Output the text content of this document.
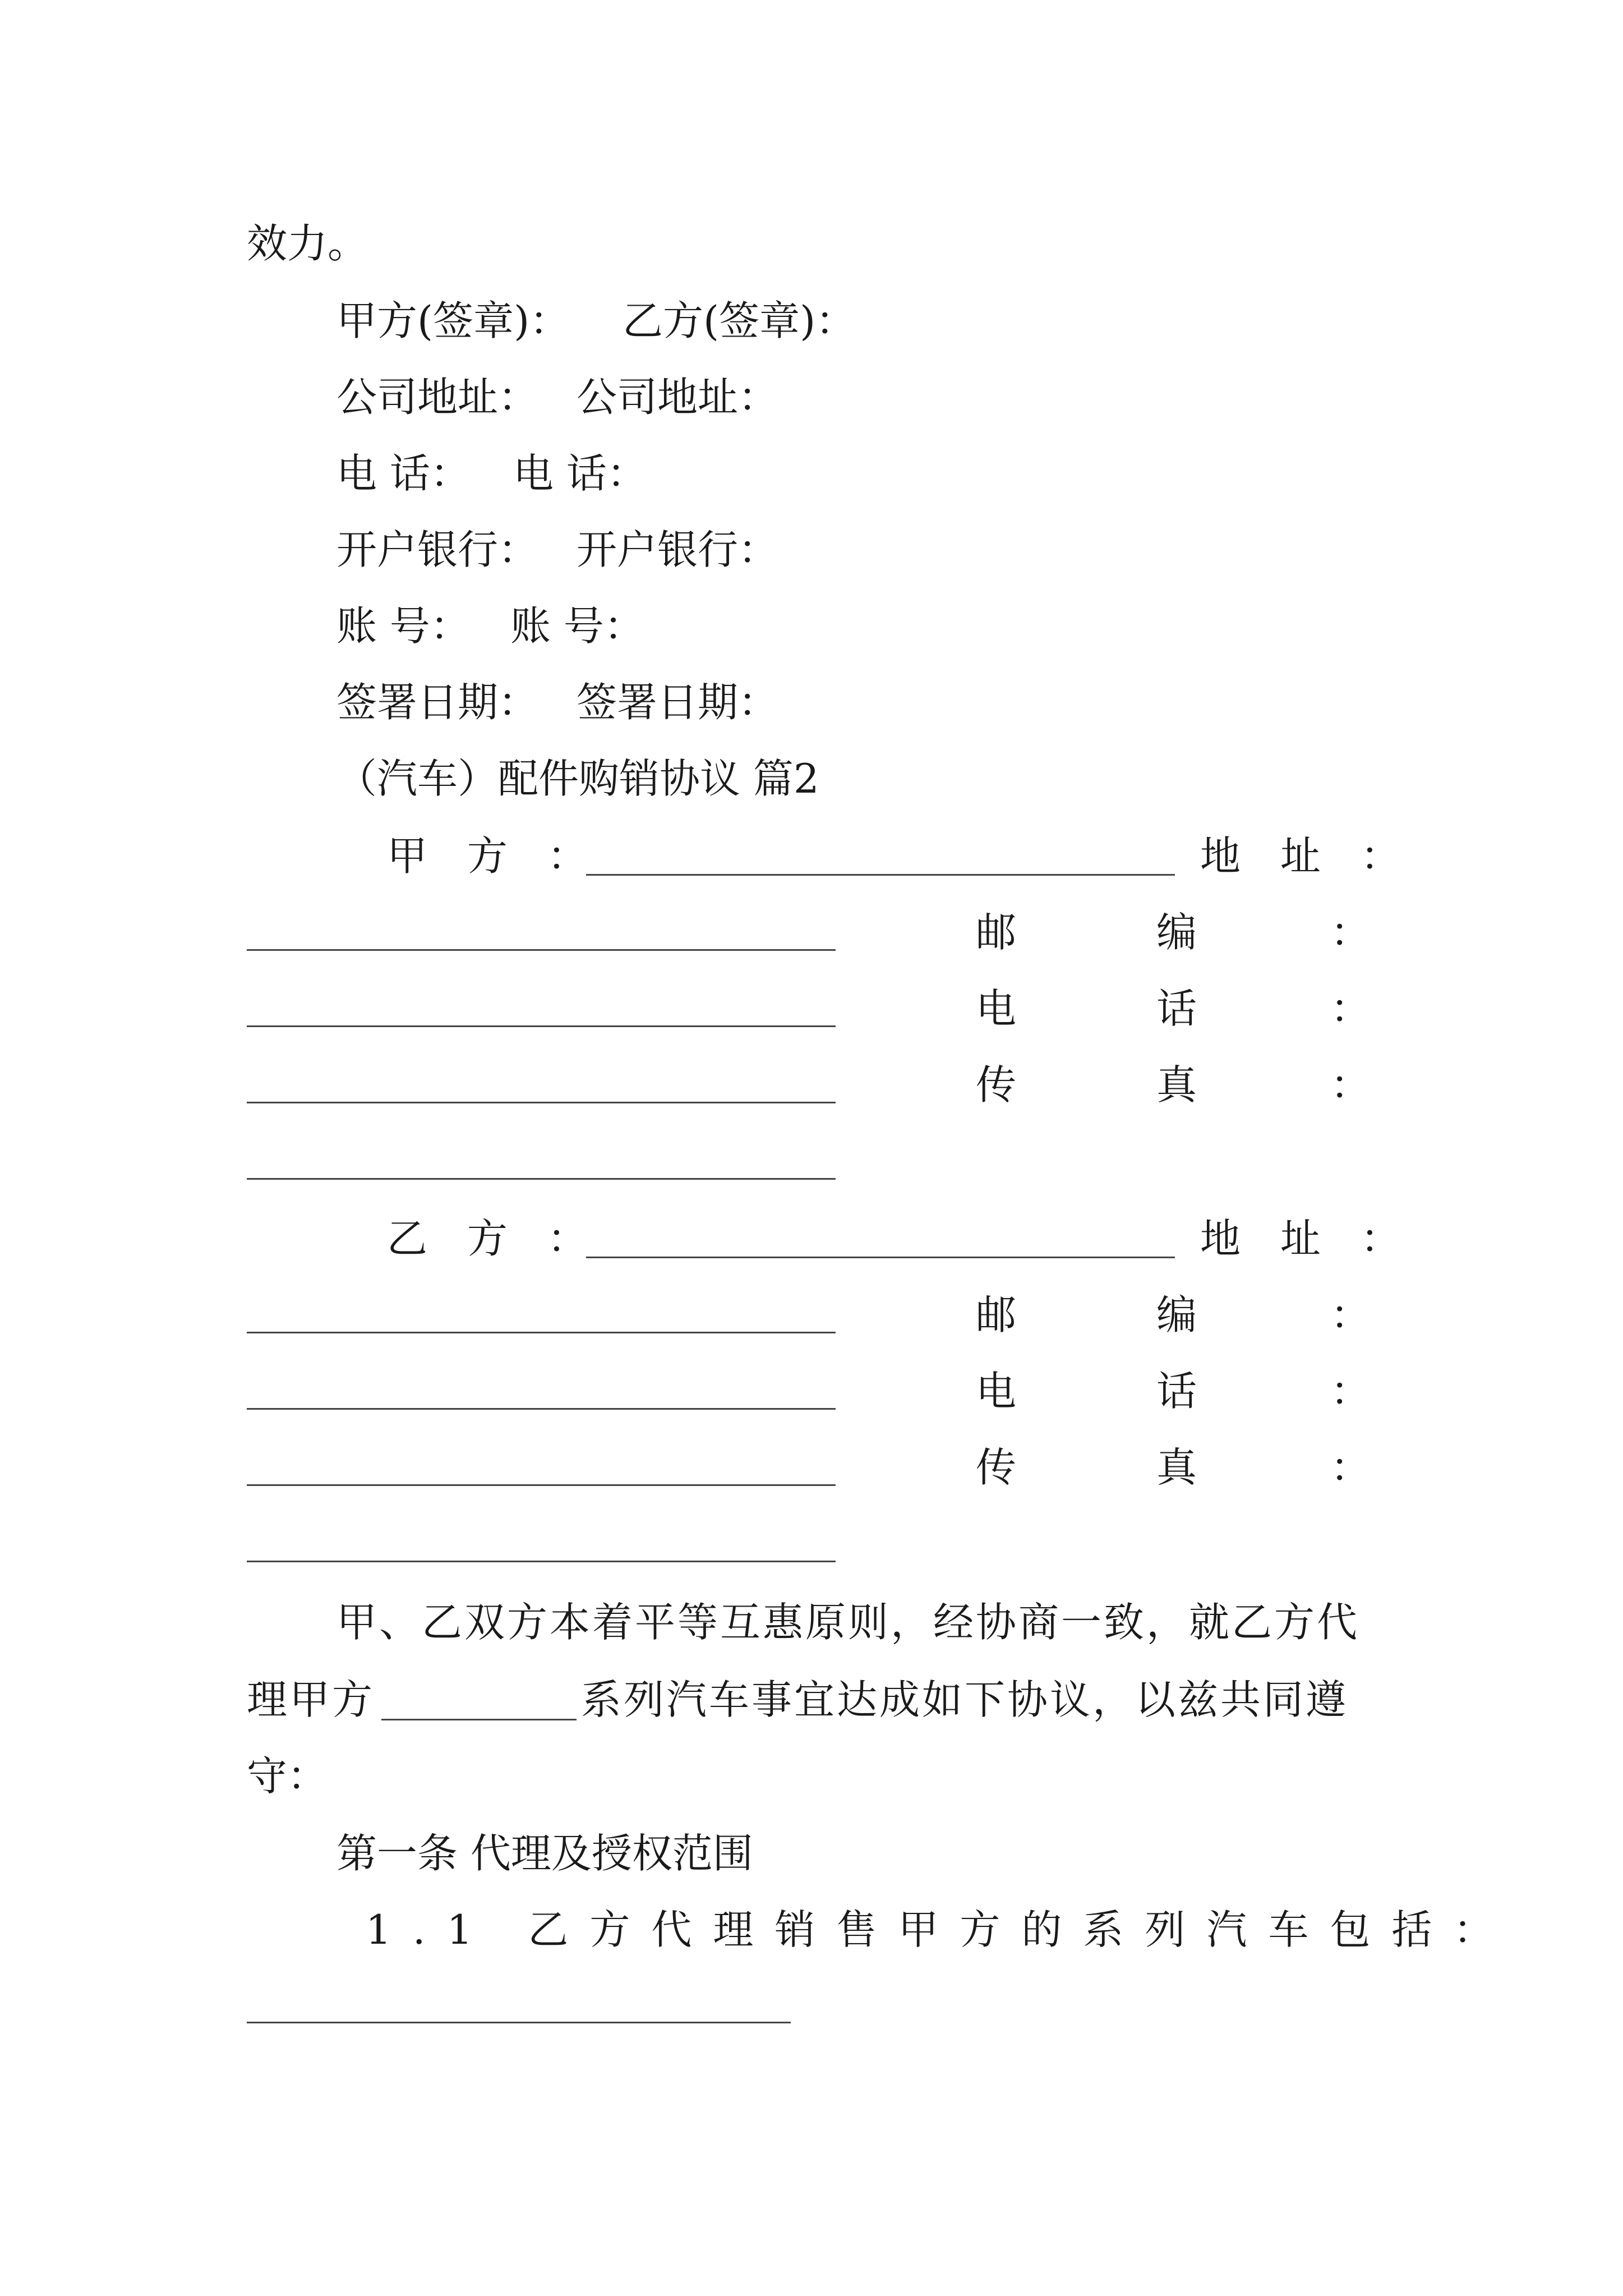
效力。
甲方(签章)： 乙方(签章)：
公司地址： 公司地址：
电 话： 电 话：
开户银行： 开户银行：
账 号： 账 号：
签署日期： 签署日期：
（汽车）配件购销协议 篇2
甲 方 ：	地 址 ：
邮	编	：
电	话	：
传	真	：
乙 方 ：	地 址 ：
邮	编	：
电	话	：
传	真	：
甲、乙双方本着平等互惠原则，经协商一致，就乙方代
理甲方	系列汽车事宜达成如下协议，以兹共同遵
守：
第一条 代理及授权范围
1.1 乙方代理销售甲方的系列汽车包括：
